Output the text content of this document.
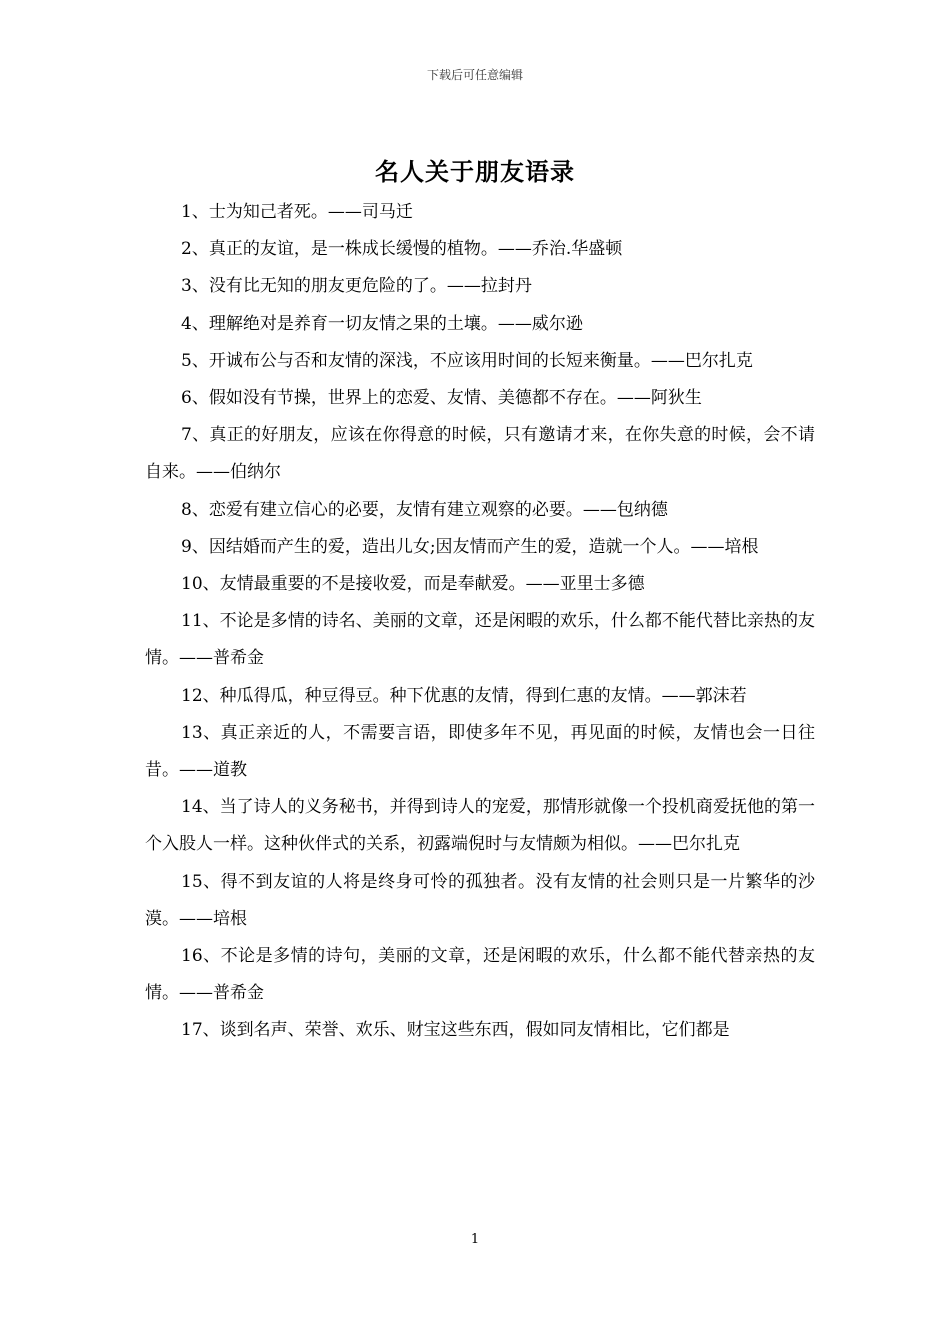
下载后可任意编辑
名人关于朋友语录

1、士为知己者死。——司马迁

2、真正的友谊，是一株成长缓慢的植物。——乔治.华盛顿

3、没有比无知的朋友更危险的了。——拉封丹

4、理解绝对是养育一切友情之果的土壤。——威尔逊

5、开诚布公与否和友情的深浅，不应该用时间的长短来衡量。——巴尔扎克

6、假如没有节操，世界上的恋爱、友情、美德都不存在。——阿狄生

7、真正的好朋友，应该在你得意的时候，只有邀请才来，在你失意的时候，会不请自来。——伯纳尔

8、恋爱有建立信心的必要，友情有建立观察的必要。——包纳德

9、因结婚而产生的爱，造出儿女;因友情而产生的爱，造就一个人。——培根

10、友情最重要的不是接收爱，而是奉献爱。——亚里士多德

11、不论是多情的诗名、美丽的文章，还是闲暇的欢乐，什么都不能代替比亲热的友情。——普希金

12、种瓜得瓜，种豆得豆。种下优惠的友情，得到仁惠的友情。——郭沫若

13、真正亲近的人，不需要言语，即使多年不见，再见面的时候，友情也会一日往昔。——道教

14、当了诗人的义务秘书，并得到诗人的宠爱，那情形就像一个投机商爱抚他的第一个入股人一样。这种伙伴式的关系，初露端倪时与友情颇为相似。——巴尔扎克

15、得不到友谊的人将是终身可怜的孤独者。没有友情的社会则只是一片繁华的沙漠。——培根

16、不论是多情的诗句，美丽的文章，还是闲暇的欢乐，什么都不能代替亲热的友情。——普希金

17、谈到名声、荣誉、欢乐、财宝这些东西，假如同友情相比，它们都是

1
